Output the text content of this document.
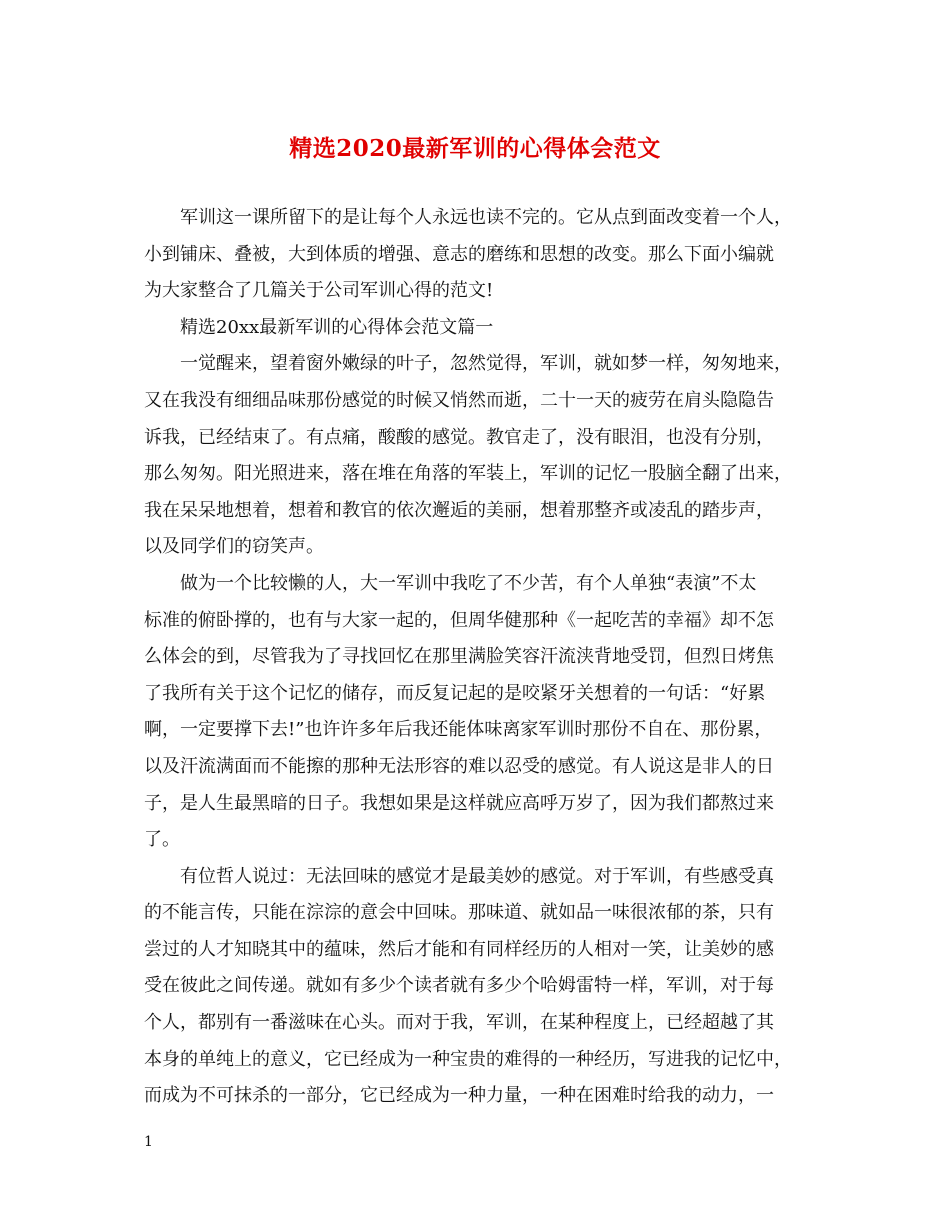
精选2020最新军训的心得体会范文
军训这一课所留下的是让每个人永远也读不完的。它从点到面改变着一个人，
小到铺床、叠被，大到体质的增强、意志的磨练和思想的改变。那么下面小编就
为大家整合了几篇关于公司军训心得的范文!
精选20xx最新军训的心得体会范文篇一
一觉醒来，望着窗外嫩绿的叶子，忽然觉得，军训，就如梦一样，匆匆地来，
又在我没有细细品味那份感觉的时候又悄然而逝，二十一天的疲劳在肩头隐隐告
诉我，已经结束了。有点痛，酸酸的感觉。教官走了，没有眼泪，也没有分别，
那么匆匆。阳光照进来，落在堆在角落的军装上，军训的记忆一股脑全翻了出来，
我在呆呆地想着，想着和教官的依次邂逅的美丽，想着那整齐或凌乱的踏步声，
以及同学们的窃笑声。
做为一个比较懒的人，大一军训中我吃了不少苦，有个人单独“表演”不太
标准的俯卧撑的，也有与大家一起的，但周华健那种《一起吃苦的幸福》却不怎
么体会的到，尽管我为了寻找回忆在那里满脸笑容汗流浃背地受罚，但烈日烤焦
了我所有关于这个记忆的储存，而反复记起的是咬紧牙关想着的一句话：“好累
啊，一定要撑下去!”也许许多年后我还能体味离家军训时那份不自在、那份累，
以及汗流满面而不能擦的那种无法形容的难以忍受的感觉。有人说这是非人的日
子，是人生最黑暗的日子。我想如果是这样就应高呼万岁了，因为我们都熬过来
了。
有位哲人说过：无法回味的感觉才是最美妙的感觉。对于军训，有些感受真
的不能言传，只能在淙淙的意会中回味。那味道、就如品一味很浓郁的茶，只有
尝过的人才知晓其中的蕴味，然后才能和有同样经历的人相对一笑，让美妙的感
受在彼此之间传递。就如有多少个读者就有多少个哈姆雷特一样，军训，对于每
个人，都别有一番滋味在心头。而对于我，军训，在某种程度上，已经超越了其
本身的单纯上的意义，它已经成为一种宝贵的难得的一种经历，写进我的记忆中，
而成为不可抹杀的一部分，它已经成为一种力量，一种在困难时给我的动力，一
1
